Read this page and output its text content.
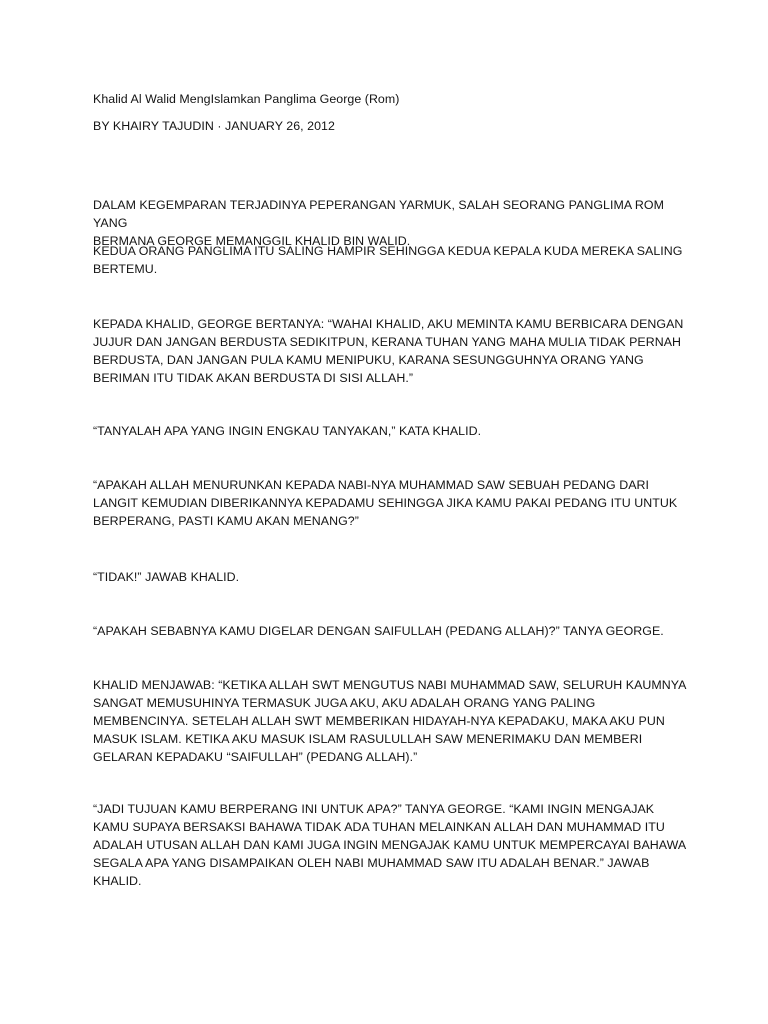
Khalid Al Walid MengIslamkan Panglima George (Rom)

BY KHAIRY TAJUDIN · JANUARY 26, 2012

DALAM KEGEMPARAN TERJADINYA PEPERANGAN YARMUK, SALAH SEORANG PANGLIMA ROM YANG
BERMANA GEORGE MEMANGGIL KHALID BIN WALID.

KEDUA ORANG PANGLIMA ITU SALING HAMPIR SEHINGGA KEDUA KEPALA KUDA MEREKA SALING
BERTEMU.

KEPADA KHALID, GEORGE BERTANYA: “WAHAI KHALID, AKU MEMINTA KAMU BERBICARA DENGAN
JUJUR DAN JANGAN BERDUSTA SEDIKITPUN, KERANA TUHAN YANG MAHA MULIA TIDAK PERNAH
BERDUSTA, DAN JANGAN PULA KAMU MENIPUKU, KARANA SESUNGGUHNYA ORANG YANG
BERIMAN ITU TIDAK AKAN BERDUSTA DI SISI ALLAH.”

“TANYALAH APA YANG INGIN ENGKAU TANYAKAN,” KATA KHALID.

“APAKAH ALLAH MENURUNKAN KEPADA NABI-NYA MUHAMMAD SAW SEBUAH PEDANG DARI
LANGIT KEMUDIAN DIBERIKANNYA KEPADAMU SEHINGGA JIKA KAMU PAKAI PEDANG ITU UNTUK
BERPERANG, PASTI KAMU AKAN MENANG?”

“TIDAK!” JAWAB KHALID.

“APAKAH SEBABNYA KAMU DIGELAR DENGAN SAIFULLAH (PEDANG ALLAH)?” TANYA GEORGE.

KHALID MENJAWAB: “KETIKA ALLAH SWT MENGUTUS NABI MUHAMMAD SAW, SELURUH KAUMNYA
SANGAT MEMUSUHINYA TERMASUK JUGA AKU, AKU ADALAH ORANG YANG PALING
MEMBENCINYA. SETELAH ALLAH SWT MEMBERIKAN HIDAYAH-NYA KEPADAKU, MAKA AKU PUN
MASUK ISLAM. KETIKA AKU MASUK ISLAM RASULULLAH SAW MENERIMAKU DAN MEMBERI
GELARAN KEPADAKU “SAIFULLAH” (PEDANG ALLAH).”

“JADI TUJUAN KAMU BERPERANG INI UNTUK APA?” TANYA GEORGE. “KAMI INGIN MENGAJAK
KAMU SUPAYA BERSAKSI BAHAWA TIDAK ADA TUHAN MELAINKAN ALLAH DAN MUHAMMAD ITU
ADALAH UTUSAN ALLAH DAN KAMI JUGA INGIN MENGAJAK KAMU UNTUK MEMPERCAYAI BAHAWA
SEGALA APA YANG DISAMPAIKAN OLEH NABI MUHAMMAD SAW ITU ADALAH BENAR.” JAWAB
KHALID.
